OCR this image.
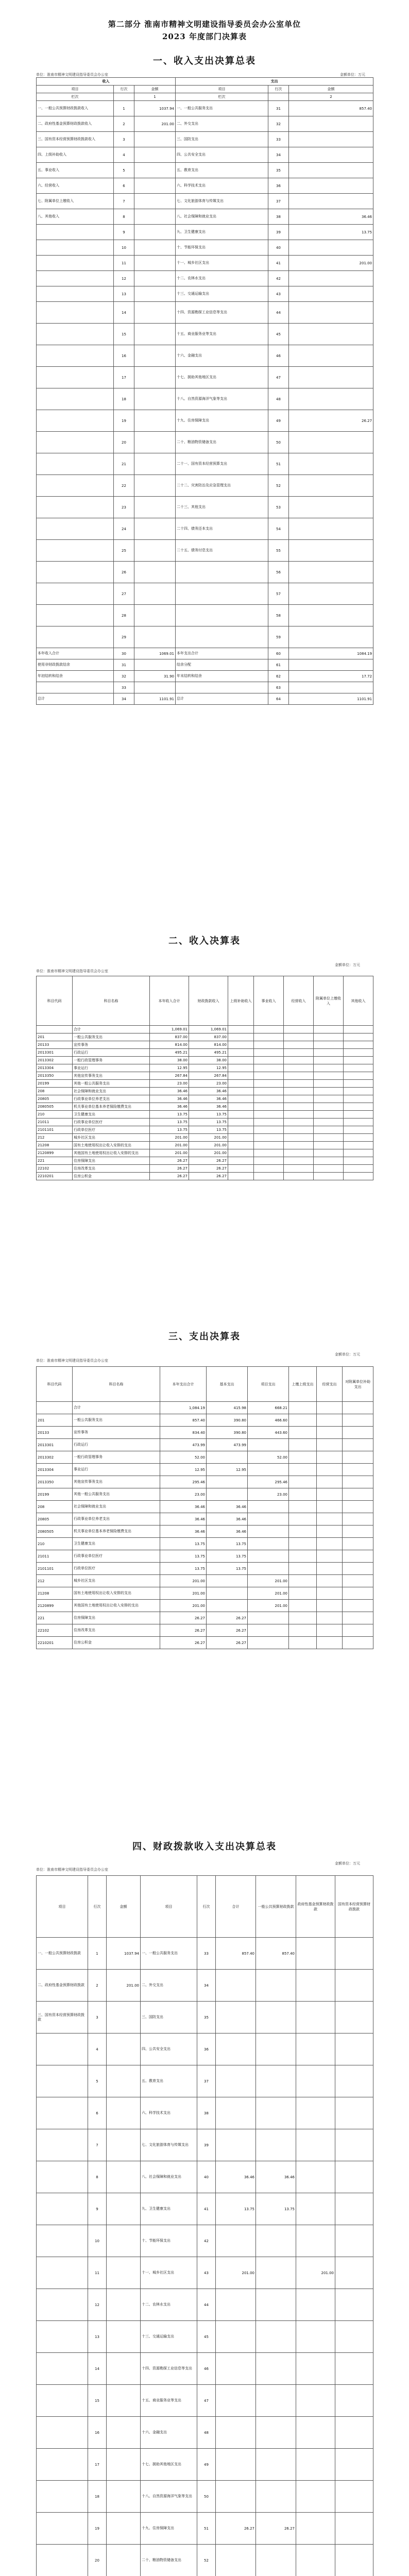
第二部分 淮南市精神文明建设指导委员会办公室单位
2023 年度部门决算表
一、收入支出决算总表
单位：淮南市精神文明建设指导委员会办公室	金额单位：万元
收入			支出		
项目	行次	金额	项目	行次	金额
栏次		1	栏次		2
一、一般公共预算财政拨款收入	1	1037.94	一、一般公共服务支出	31	857.40
二、政府性基金预算财政拨款收入	2	201.00	二、外交支出	32	
三、国有资本经营预算财政拨款收入	3		三、国防支出	33	
四、上级补助收入	4		四、公共安全支出	34	
五、事业收入	5		五、教育支出	35	
六、经营收入	6		六、科学技术支出	36	
七、附属单位上缴收入	7		七、文化旅游体育与传媒支出	37	
八、其他收入	8		八、社会保障和就业支出	38	36.46
	9		九、卫生健康支出	39	13.75
	10		十、节能环保支出	40	
	11		十一、城乡社区支出	41	201.00
	12		十二、农林水支出	42	
	13		十三、交通运输支出	43	
	14		十四、资源勘探工业信息等支出	44	
	15		十五、商业服务业等支出	45	
	16		十六、金融支出	46	
	17		十七、援助其他地区支出	47	
	18		十八、自然资源海洋气象等支出	48	
	19		十九、住房保障支出	49	26.27
	20		二十、粮油物资储备支出	50	
	21		二十一、国有资本经营预算支出	51	
	22		二十二、灾害防治及应急管理支出	52	
	23		二十三、其他支出	53	
	24		二十四、债务还本支出	54	
	25		二十五、债务付息支出	55	
	26			56	
	27			57	
	28			58	
	29			59	
本年收入合计	30	1069.01	本年支出合计	60	1084.19
使用非财政拨款结余	31		结余分配	61	
年初结转和结余	32	31.90	年末结转和结余	62	17.72
	33			63	
总计	34	1101.91	总计	64	1101.91
二、收入决算表
金额单位：万元
单位：淮南市精神文明建设指导委员会办公室
科目代码	科目名称	本年收入合计	财政拨款收入	上级补助收入	事业收入	经营收入	附属单位上缴收入	其他收入
	合计	1,069.01	1,069.01					
201	一般公共服务支出	837.00	837.00					
20133	宣传事务	814.00	814.00					
2013301	行政运行	495.21	495.21					
2013302	一般行政管理事务	38.00	38.00					
2013304	事业运行	12.95	12.95					
2013350	其他宣传事务支出	267.84	267.84					
20199	其他一般公共服务支出	23.00	23.00					
208	社会保障和就业支出	36.46	36.46					
20805	行政事业单位养老支出	36.46	36.46					
2080505	机关事业单位基本养老保险缴费支出	36.46	36.46					
210	卫生健康支出	13.75	13.75					
21011	行政事业单位医疗	13.75	13.75					
2101101	行政单位医疗	13.75	13.75					
212	城乡社区支出	201.00	201.00					
21208	国有土地使用权出让收入安排的支出	201.00	201.00					
2120899	其他国有土地使用权出让收入安排的支出	201.00	201.00					
221	住房保障支出	26.27	26.27					
22102	住房改革支出	26.27	26.27					
2210201	住房公积金	26.27	26.27					
三、支出决算表
金额单位：万元
单位：淮南市精神文明建设指导委员会办公室
科目代码	科目名称	本年支出合计	基本支出	项目支出	上缴上级支出	经营支出	对附属单位补助支出
	合计	1,084.19	415.98	668.21			
201	一般公共服务支出	857.40	390.80	466.60			
20133	宣传事务	834.40	390.80	443.60			
2013301	行政运行	473.99	473.99				
2013302	一般行政管理事务	52.00		52.00			
2013304	事业运行	12.95	12.95				
2013350	其他宣传事务支出	295.46		295.46			
20199	其他一般公共服务支出	23.00		23.00			
208	社会保障和就业支出	36.46	36.46				
20805	行政事业单位养老支出	36.46	36.46				
2080505	机关事业单位基本养老保险缴费支出	36.46	36.46				
210	卫生健康支出	13.75	13.75				
21011	行政事业单位医疗	13.75	13.75				
2101101	行政单位医疗	13.75	13.75				
212	城乡社区支出	201.00		201.00			
21208	国有土地使用权出让收入安排的支出	201.00		201.00			
2120899	其他国有土地使用权出让收入安排的支出	201.00		201.00			
221	住房保障支出	26.27	26.27				
22102	住房改革支出	26.27	26.27				
2210201	住房公积金	26.27	26.27				
四、财政拨款收入支出决算总表
金额单位：万元
单位：淮南市精神文明建设指导委员会办公室
项目	行次	金额	项目	行次	合计	一般公共预算财政拨款	政府性基金预算财政拨款	国有资本经营预算财政拨款
一、一般公共预算财政拨款	1	1037.94	一、一般公共服务支出	33	857.40	857.40		
二、政府性基金预算财政拨款	2	201.00	二、外交支出	34				
三、国有资本经营预算财政拨款	3		三、国防支出	35				
	4		四、公共安全支出	36				
	5		五、教育支出	37				
	6		六、科学技术支出	38				
	7		七、文化旅游体育与传媒支出	39				
	8		八、社会保障和就业支出	40	36.46	36.46		
	9		九、卫生健康支出	41	13.75	13.75		
	10		十、节能环保支出	42				
	11		十一、城乡社区支出	43	201.00		201.00	
	12		十二、农林水支出	44				
	13		十三、交通运输支出	45				
	14		十四、资源勘探工业信息等支出	46				
	15		十五、商业服务业等支出	47				
	16		十六、金融支出	48				
	17		十七、援助其他地区支出	49				
	18		十八、自然资源海洋气象等支出	50				
	19		十九、住房保障支出	51	26.27	26.27		
	20		二十、粮油物资储备支出	52				
